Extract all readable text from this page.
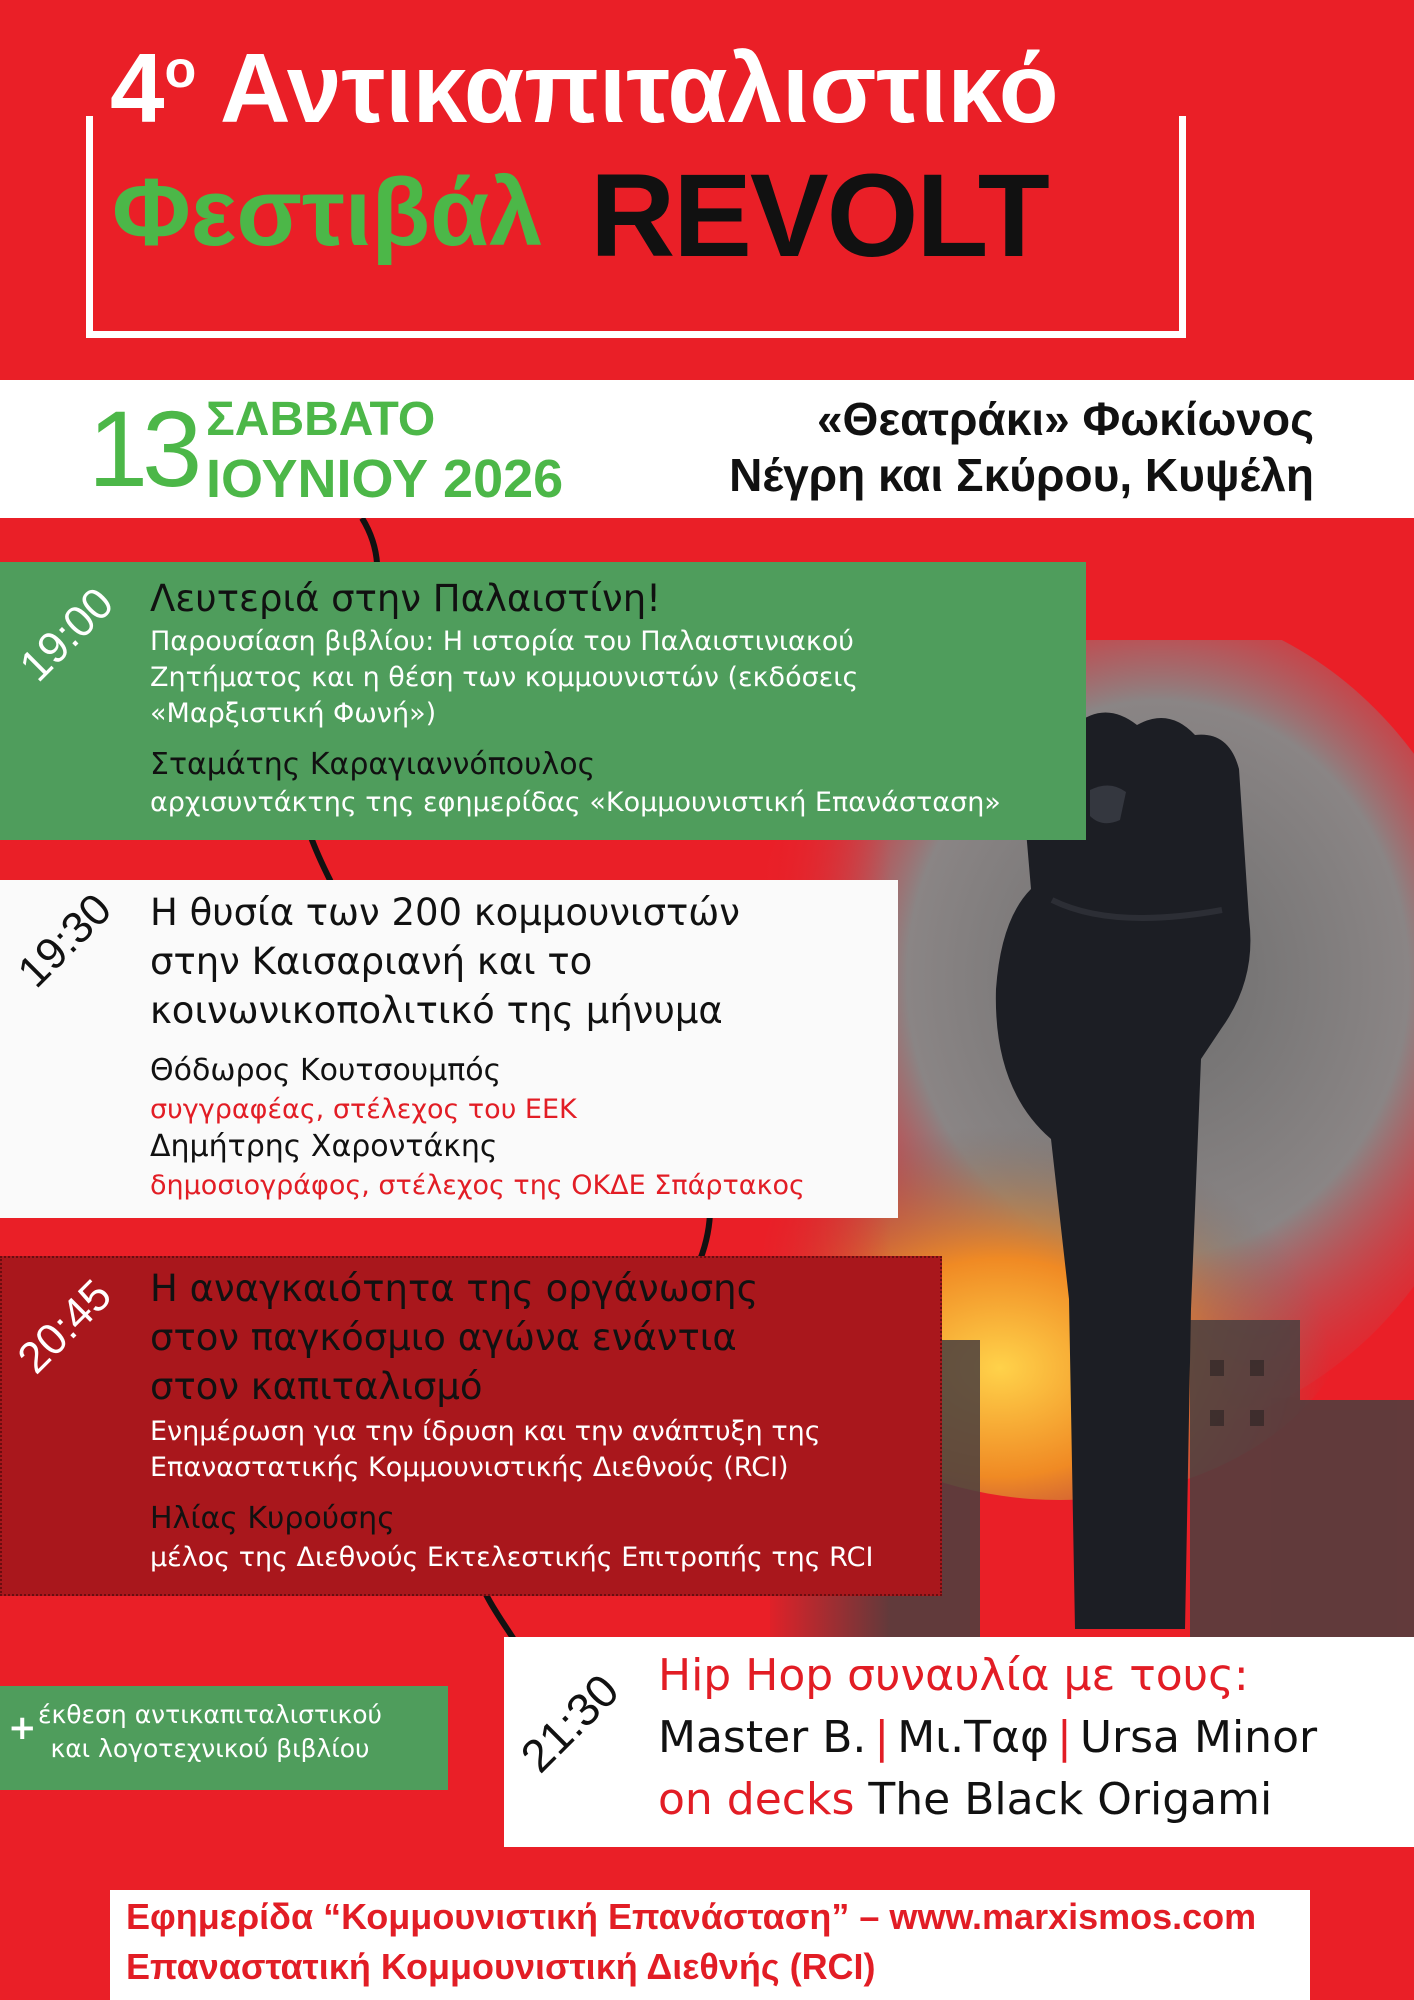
$4^o$ Αντικαπιταλιστικό
Φεστιβάλ REVOLT
13 ΣΑΒΒΑΤΟ
ΙΟΥΝΙΟΥ 2026
«Θεατράκι» Φωκίωνος
Νέγρη και Σκύρου, Κυψέλη
19:00 Λευτεριά στην Παλαιστίνη!
Παρουσίαση βιβλίου: Η ιστορία του Παλαιστινιακού
Ζητήματος και η θέση των κομμουνιστών (εκδόσεις
«Μαρξιστική Φωνή»)
Σταμάτης Καραγιαννόπουλος
αρχισυντάκτης της εφημερίδας «Κομμουνιστική Επανάσταση»
19:30 Η θυσία των 200 κομμουνιστών
στην Καισαριανή και το
κοινωνικοπολιτικό της μήνυμα
Θόδωρος Κουτσουμπός
συγγραφέας, στέλεχος του ΕΕΚ
Δημήτρης Χαροντάκης
δημοσιογράφος, στέλεχος της ΟΚΔΕ Σπάρτακος
20:45 Η αναγκαιότητα της οργάνωσης
στον παγκόσμιο αγώνα ενάντια
στον καπιταλισμό
Ενημέρωση για την ίδρυση και την ανάπτυξη της
Επαναστατικής Κομμουνιστικής Διεθνούς (RCI)
Ηλίας Κυρούσης
μέλος της Διεθνούς Εκτελεστικής Επιτροπής της RCI
21:30 Hip Hop συναυλία με τους:
Master B. | Μι.Ταφ | Ursa Minor
on decks The Black Origami
+ έκθεση αντικαπιταλιστικού
και λογοτεχνικού βιβλίου
Εφημερίδα “Κομμουνιστική Επανάσταση” – www.marxismos.com
Επαναστατική Κομμουνιστική Διεθνής (RCI)
